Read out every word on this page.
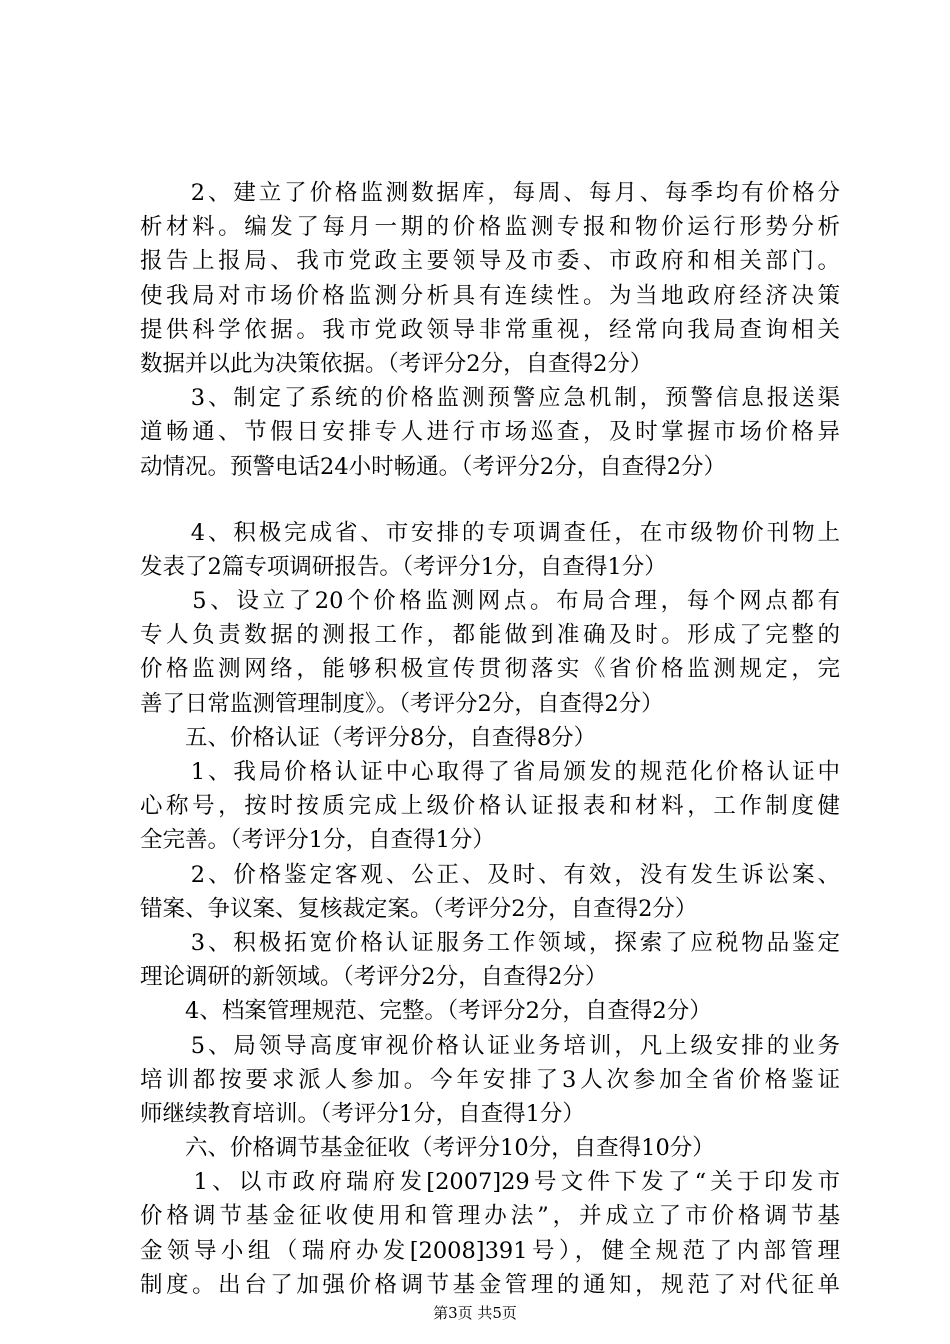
　　2、建立了价格监测数据库，每周、每月、每季均有价格分
析材料。编发了每月一期的价格监测专报和物价运行形势分析
报告上报局、我市党政主要领导及市委、市政府和相关部门。
使我局对市场价格监测分析具有连续性。为当地政府经济决策
提供科学依据。我市党政领导非常重视，经常向我局查询相关
数据并以此为决策依据。（考评分2分，自查得2分）
　　3、制定了系统的价格监测预警应急机制，预警信息报送渠
道畅通、节假日安排专人进行市场巡查，及时掌握市场价格异
动情况。预警电话24小时畅通。（考评分2分，自查得2分）
　　4、积极完成省、市安排的专项调查任，在市级物价刊物上
发表了2篇专项调研报告。（考评分1分，自查得1分）
　　5、设立了20个价格监测网点。布局合理，每个网点都有
专人负责数据的测报工作，都能做到准确及时。形成了完整的
价格监测网络，能够积极宣传贯彻落实《省价格监测规定，完
善了日常监测管理制度》。（考评分2分，自查得2分）
　　五、价格认证（考评分8分，自查得8分）
　　1、我局价格认证中心取得了省局颁发的规范化价格认证中
心称号，按时按质完成上级价格认证报表和材料，工作制度健
全完善。（考评分1分，自查得1分）
　　2、价格鉴定客观、公正、及时、有效，没有发生诉讼案、
错案、争议案、复核裁定案。（考评分2分，自查得2分）
　　3、积极拓宽价格认证服务工作领域，探索了应税物品鉴定
理论调研的新领域。（考评分2分，自查得2分）
　　4、档案管理规范、完整。（考评分2分，自查得2分）
　　5、局领导高度审视价格认证业务培训，凡上级安排的业务
培训都按要求派人参加。今年安排了3人次参加全省价格鉴证
师继续教育培训。（考评分1分，自查得1分）
　　六、价格调节基金征收（考评分10分，自查得10分）
　　1、以市政府瑞府发[2007]29号文件下发了“关于印发市
价格调节基金征收使用和管理办法”，并成立了市价格调节基
金领导小组（瑞府办发[2008]391号），健全规范了内部管理
制度。出台了加强价格调节基金管理的通知，规范了对代征单
第3页 共5页
